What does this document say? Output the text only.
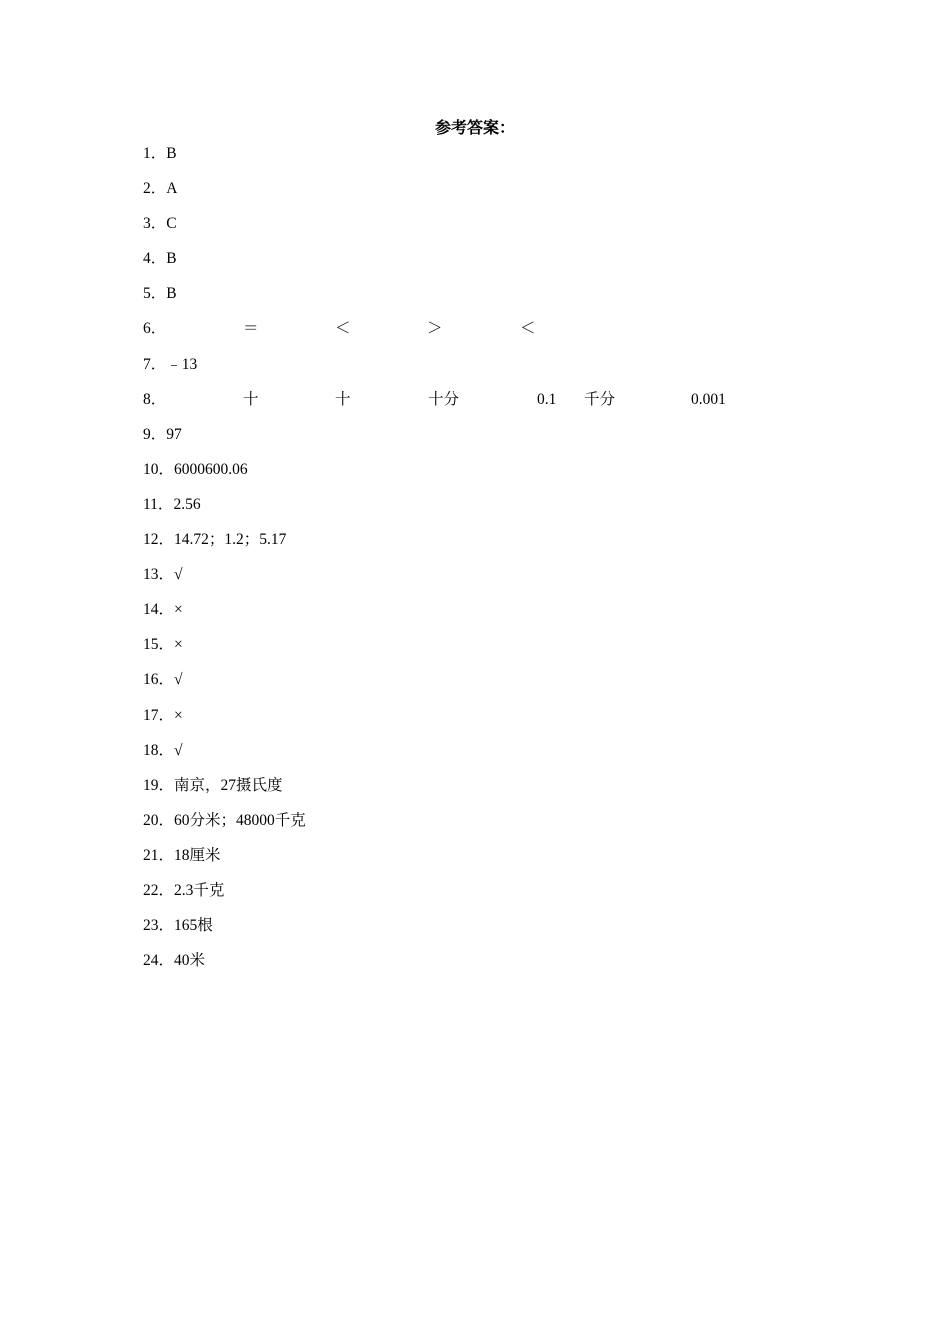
参考答案：
1．B
2．A
3．C
4．B
5．B
6．	＝	＜	＞	＜
7．﹣13
8．	十	十	十分	0.1 千分	0.001
9．97
10．6000600.06
11．2.56
12．14.72；1.2；5.17
13．√
14．×
15．×
16．√
17．×
18．√
19．南京，27摄氏度
20．60分米；48000千克
21．18厘米
22．2.3千克
23．165根
24．40米
